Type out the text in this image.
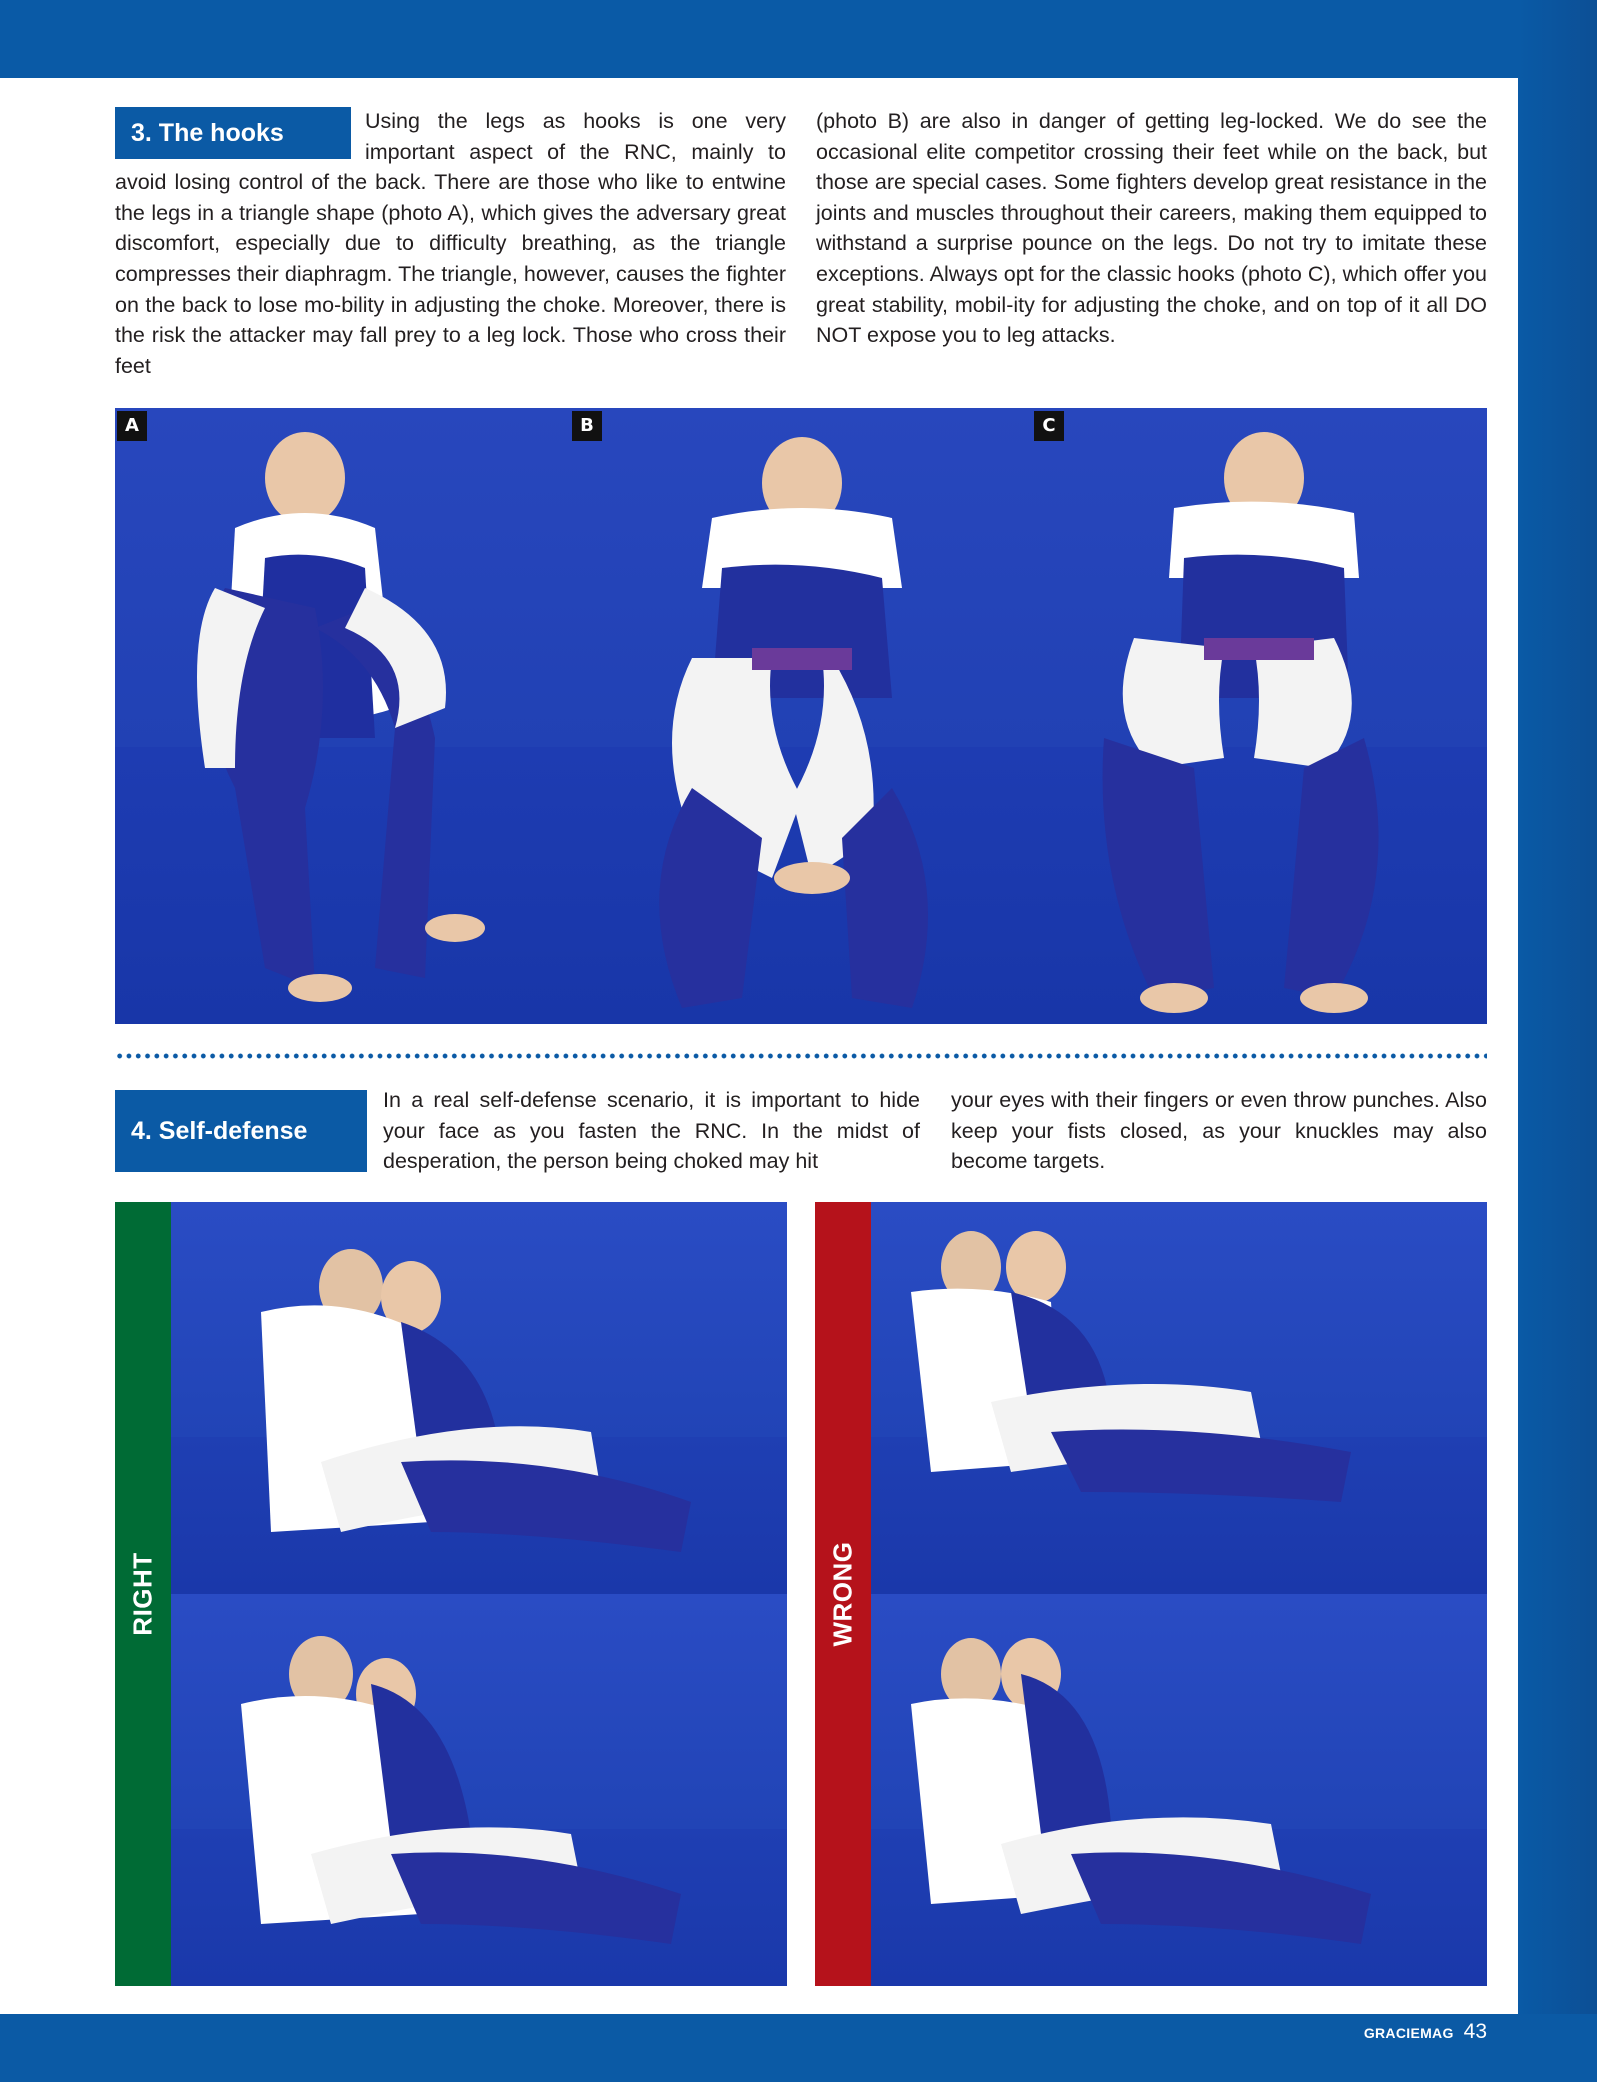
3. The hooks	Using the legs as hooks is one very important aspect of the RNC, mainly to avoid losing control of the back. There are those who like to entwine the legs in a triangle shape (photo A), which gives the adversary great discomfort, especially due to difficulty breathing, as the triangle compresses their diaphragm. The triangle, however, causes the fighter on the back to lose mo-bility in adjusting the choke. Moreover, there is the risk the attacker may fall prey to a leg lock. Those who cross their feet
(photo B) are also in danger of getting leg-locked. We do see the occasional elite competitor crossing their feet while on the back, but those are special cases. Some fighters develop great resistance in the joints and muscles throughout their careers, making them equipped to withstand a surprise pounce on the legs. Do not try to imitate these exceptions. Always opt for the classic hooks (photo C), which offer you great stability, mobil-ity for adjusting the choke, and on top of it all DO NOT expose you to leg attacks.
A	B	C
4. Self-defense
In a real self-defense scenario, it is important to hide your face as you fasten the RNC. In the midst of desperation, the person being choked may hit
your eyes with their fingers or even throw punches. Also keep your fists closed, as your knuckles may also become targets.
RIGHT	WRONG
GRACIEMAG 43
